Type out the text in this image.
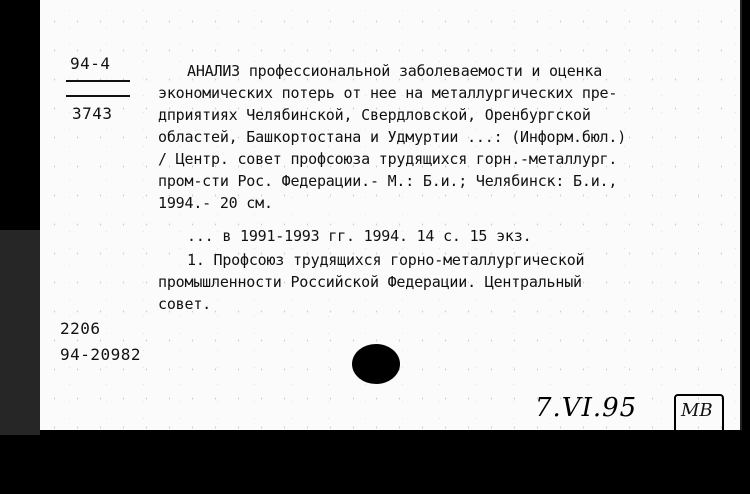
94-4
3743
АНАЛИЗ профессиональной заболеваемости и оценка
экономических потерь от нее на металлургических пре-
дприятиях Челябинской, Свердловской, Оренбургской
областей, Башкортостана и Удмуртии ...: (Информ.бюл.)
/ Центр. совет профсоюза трудящихся горн.-металлург.
пром-сти Рос. Федерации.- М.: Б.и.; Челябинск: Б.и.,
1994.- 20 см.
... в 1991-1993 гг. 1994. 14 с. 15 экз.
1. Профсоюз трудящихся горно-металлургической
промышленности Российской Федерации. Центральный
совет.
2206
94-20982
7.VI.95 МВ
